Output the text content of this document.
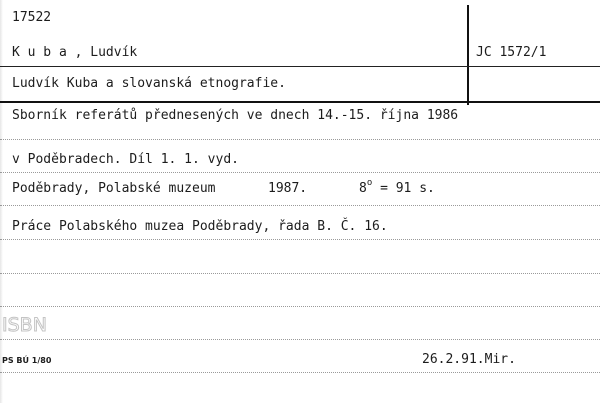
17522
K u b a , Ludvík	JC 1572/1
Ludvík Kuba a slovanská etnografie.
Sborník referátů přednesených ve dnech 14.-15. října 1986
v Poděbradech. Díl 1. 1. vyd.
Poděbrady, Polabské muzeum	1987.	$8^o = 91$ s.
Práce Polabského muzea Poděbrady, řada B. Č. 16.
ISBN
PS BÚ 1/80	26.2.91.Mir.
